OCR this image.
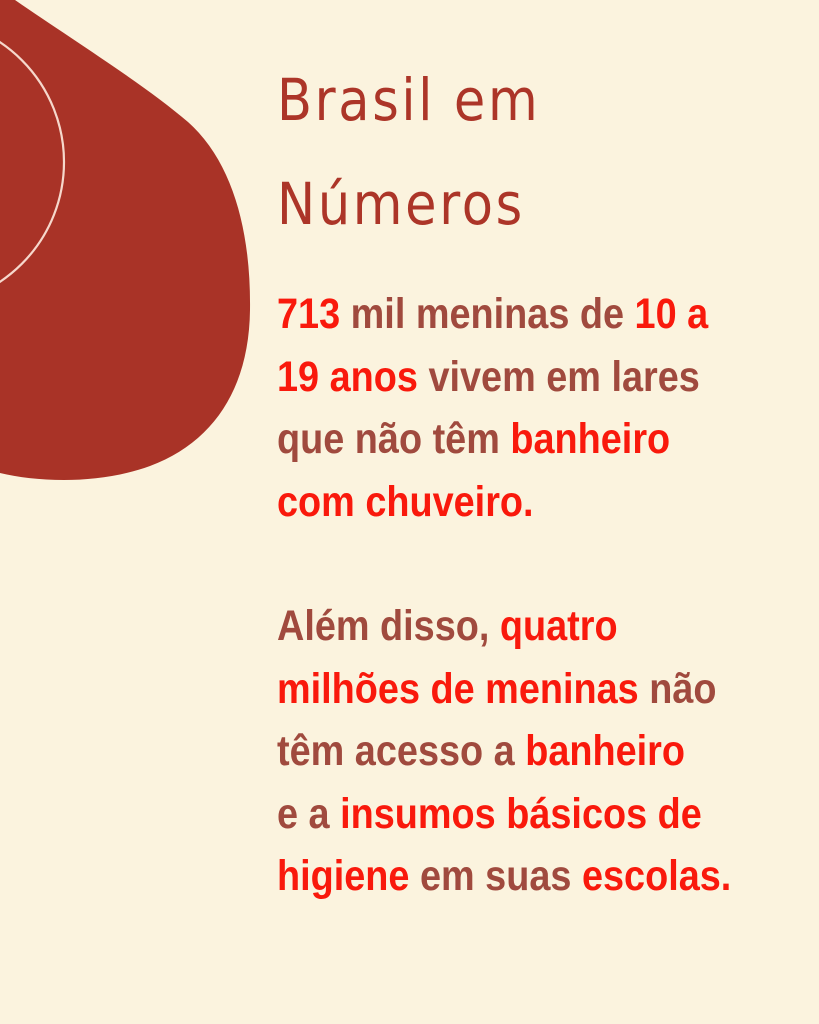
Brasil em
Números
713 mil meninas de 10 a
19 anos vivem em lares
que não têm banheiro
com chuveiro.
Além disso, quatro
milhões de meninas não
têm acesso a banheiro
e a insumos básicos de
higiene em suas escolas.
